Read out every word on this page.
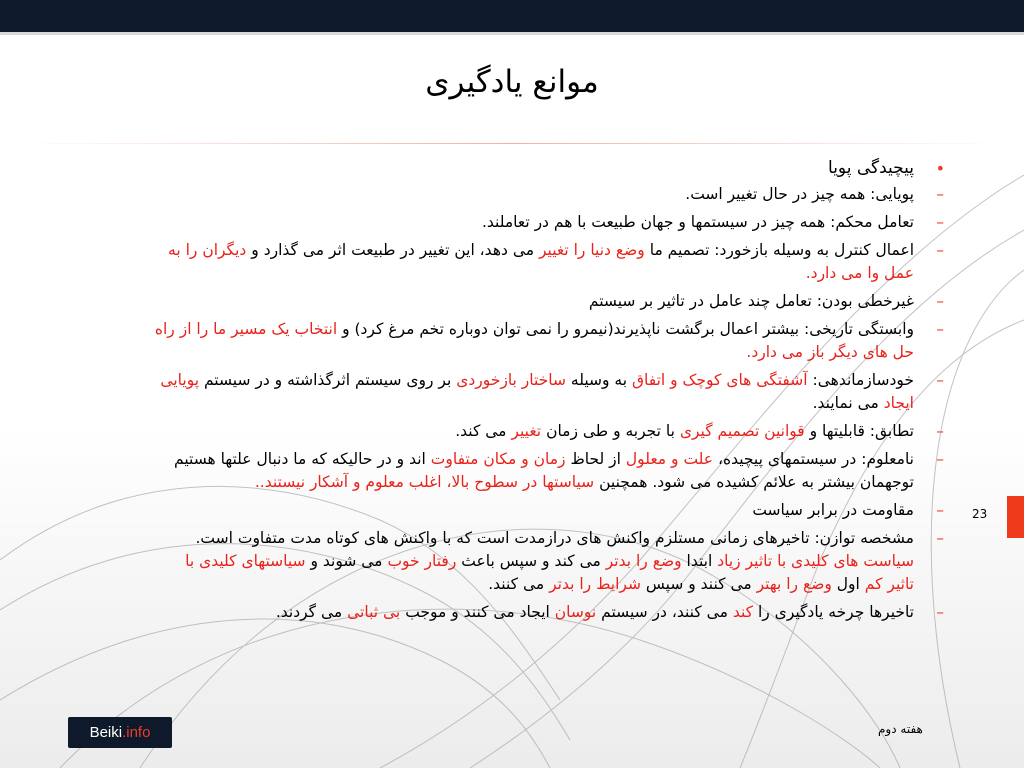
موانع یادگیری
•
پیچیدگی پویا
–
پویایی: همه چیز در حال تغییر است.
–
تعامل محکم: همه چیز در سیستمها و جهان طبیعت با هم در تعاملند.
–
اعمال کنترل به وسیله بازخورد: تصمیم ما وضع دنیا را تغییر می دهد، این تغییر در طبیعت اثر می گذارد و دیگران را به عمل وا می دارد.
–
غیرخطی بودن: تعامل چند عامل در تاثیر بر سیستم
–
وابستگی تاریخی: بیشتر اعمال برگشت ناپذیرند(نیمرو را نمی توان دوباره تخم مرغ کرد) و انتخاب یک مسیر ما را از راه حل های دیگر باز می دارد.
–
خودسازماندهی: آشفتگی های کوچک و اتفاق به وسیله ساختار بازخوردی بر روی سیستم اثرگذاشته و در سیستم پویایی ایجاد می نمایند.
–
تطابق: قابلیتها و قوانین تصمیم گیری با تجربه و طی زمان تغییر می کند.
–
نامعلوم: در سیستمهای پیچیده، علت و معلول از لحاظ زمان و مکان متفاوت اند و در حالیکه که ما دنبال علتها هستیم توجهمان بیشتر به علائم کشیده می شود. همچنین سیاستها در سطوح بالا، اغلب معلوم و آشکار نیستند..
–
مقاومت در برابر سیاست
–
مشخصه توازن: تاخیرهای زمانی مستلزم واکنش های درازمدت است که با واکنش های کوتاه مدت متفاوت است. سیاست های کلیدی با تاثیر زیاد ابتدا وضع را بدتر می کند و سپس باعث رفتار خوب می شوند و سیاستهای کلیدی با تاثیر کم اول وضع را بهتر می کنند و سپس شرایط را بدتر می کنند.
–
تاخیرها چرخه یادگیری را کند می کنند، در سیستم نوسان ایجاد می کنند و موجب بی ثباتی می گردند.
23
Beiki.info	هفته دوم
